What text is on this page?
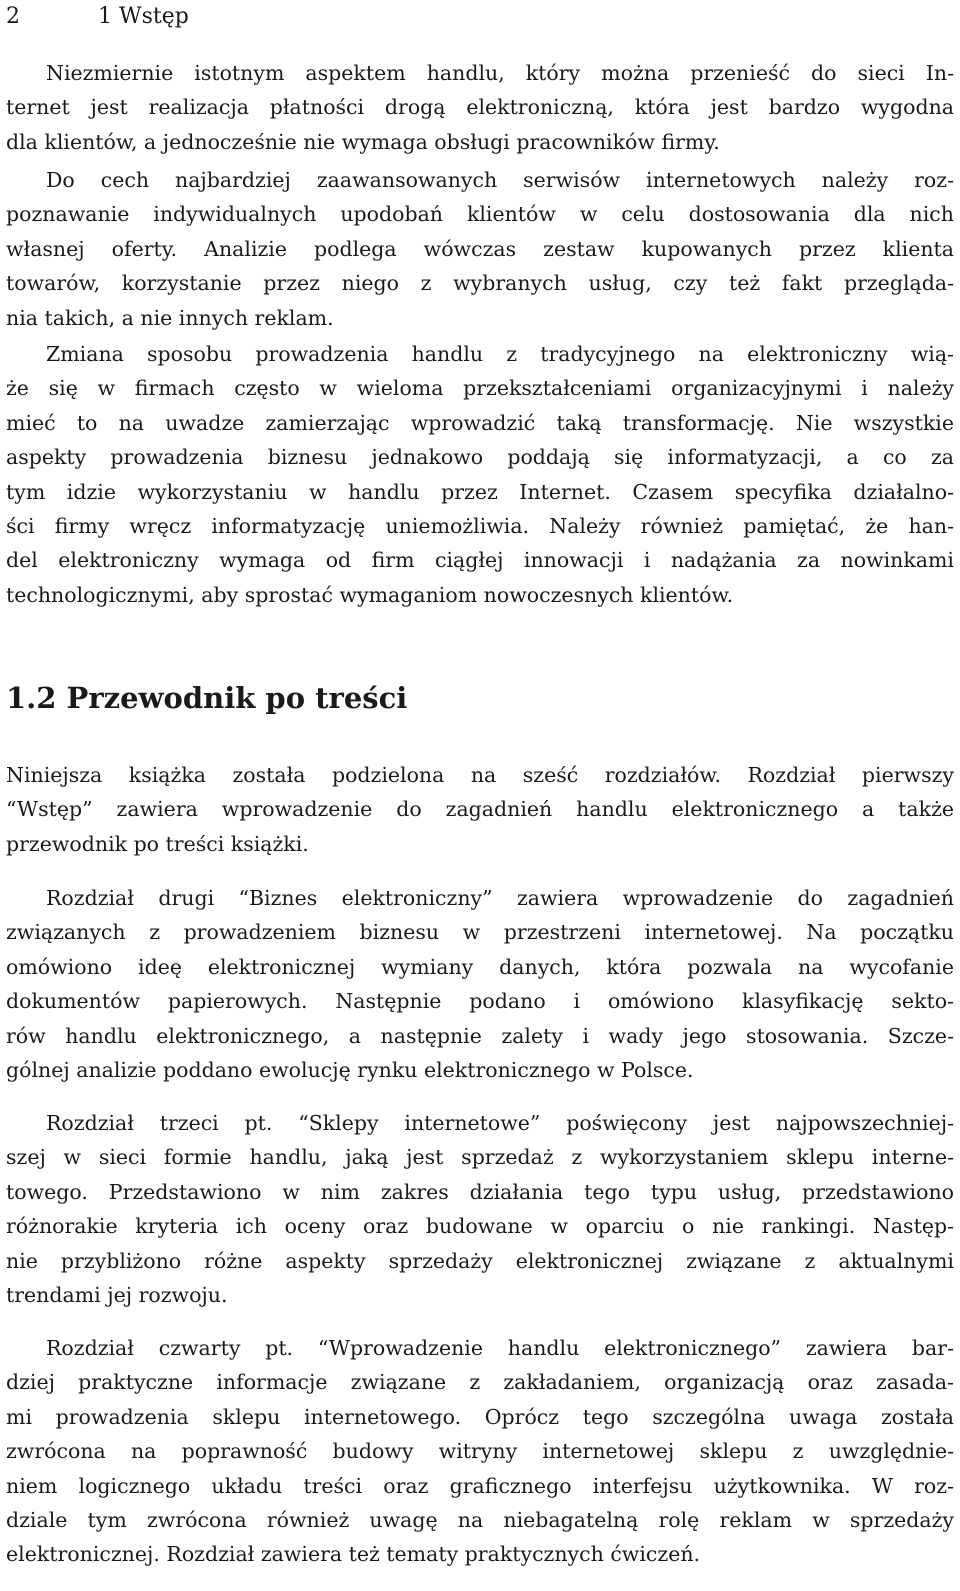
2	1 Wstęp
Niezmiernie istotnym aspektem handlu, który można przenieść do sieci In-
ternet jest realizacja płatności drogą elektroniczną, która jest bardzo wygodna
dla klientów, a jednocześnie nie wymaga obsługi pracowników firmy.
Do cech najbardziej zaawansowanych serwisów internetowych należy roz-
poznawanie indywidualnych upodobań klientów w celu dostosowania dla nich
własnej oferty. Analizie podlega wówczas zestaw kupowanych przez klienta
towarów, korzystanie przez niego z wybranych usług, czy też fakt przegląda-
nia takich, a nie innych reklam.
Zmiana sposobu prowadzenia handlu z tradycyjnego na elektroniczny wią-
że się w firmach często w wieloma przekształceniami organizacyjnymi i należy
mieć to na uwadze zamierzając wprowadzić taką transformację. Nie wszystkie
aspekty prowadzenia biznesu jednakowo poddają się informatyzacji, a co za
tym idzie wykorzystaniu w handlu przez Internet. Czasem specyfika działalno-
ści firmy wręcz informatyzację uniemożliwia. Należy również pamiętać, że han-
del elektroniczny wymaga od firm ciągłej innowacji i nadążania za nowinkami
technologicznymi, aby sprostać wymaganiom nowoczesnych klientów.
1.2 Przewodnik po treści
Niniejsza książka została podzielona na sześć rozdziałów. Rozdział pierwszy
“Wstęp” zawiera wprowadzenie do zagadnień handlu elektronicznego a także
przewodnik po treści książki.
Rozdział drugi “Biznes elektroniczny” zawiera wprowadzenie do zagadnień
związanych z prowadzeniem biznesu w przestrzeni internetowej. Na początku
omówiono ideę elektronicznej wymiany danych, która pozwala na wycofanie
dokumentów papierowych. Następnie podano i omówiono klasyfikację sekto-
rów handlu elektronicznego, a następnie zalety i wady jego stosowania. Szcze-
gólnej analizie poddano ewolucję rynku elektronicznego w Polsce.
Rozdział trzeci pt. “Sklepy internetowe” poświęcony jest najpowszechniej-
szej w sieci formie handlu, jaką jest sprzedaż z wykorzystaniem sklepu interne-
towego. Przedstawiono w nim zakres działania tego typu usług, przedstawiono
różnorakie kryteria ich oceny oraz budowane w oparciu o nie rankingi. Następ-
nie przybliżono różne aspekty sprzedaży elektronicznej związane z aktualnymi
trendami jej rozwoju.
Rozdział czwarty pt. “Wprowadzenie handlu elektronicznego” zawiera bar-
dziej praktyczne informacje związane z zakładaniem, organizacją oraz zasada-
mi prowadzenia sklepu internetowego. Oprócz tego szczególna uwaga została
zwrócona na poprawność budowy witryny internetowej sklepu z uwzględnie-
niem logicznego układu treści oraz graficznego interfejsu użytkownika. W roz-
dziale tym zwrócona również uwagę na niebagatelną rolę reklam w sprzedaży
elektronicznej. Rozdział zawiera też tematy praktycznych ćwiczeń.
